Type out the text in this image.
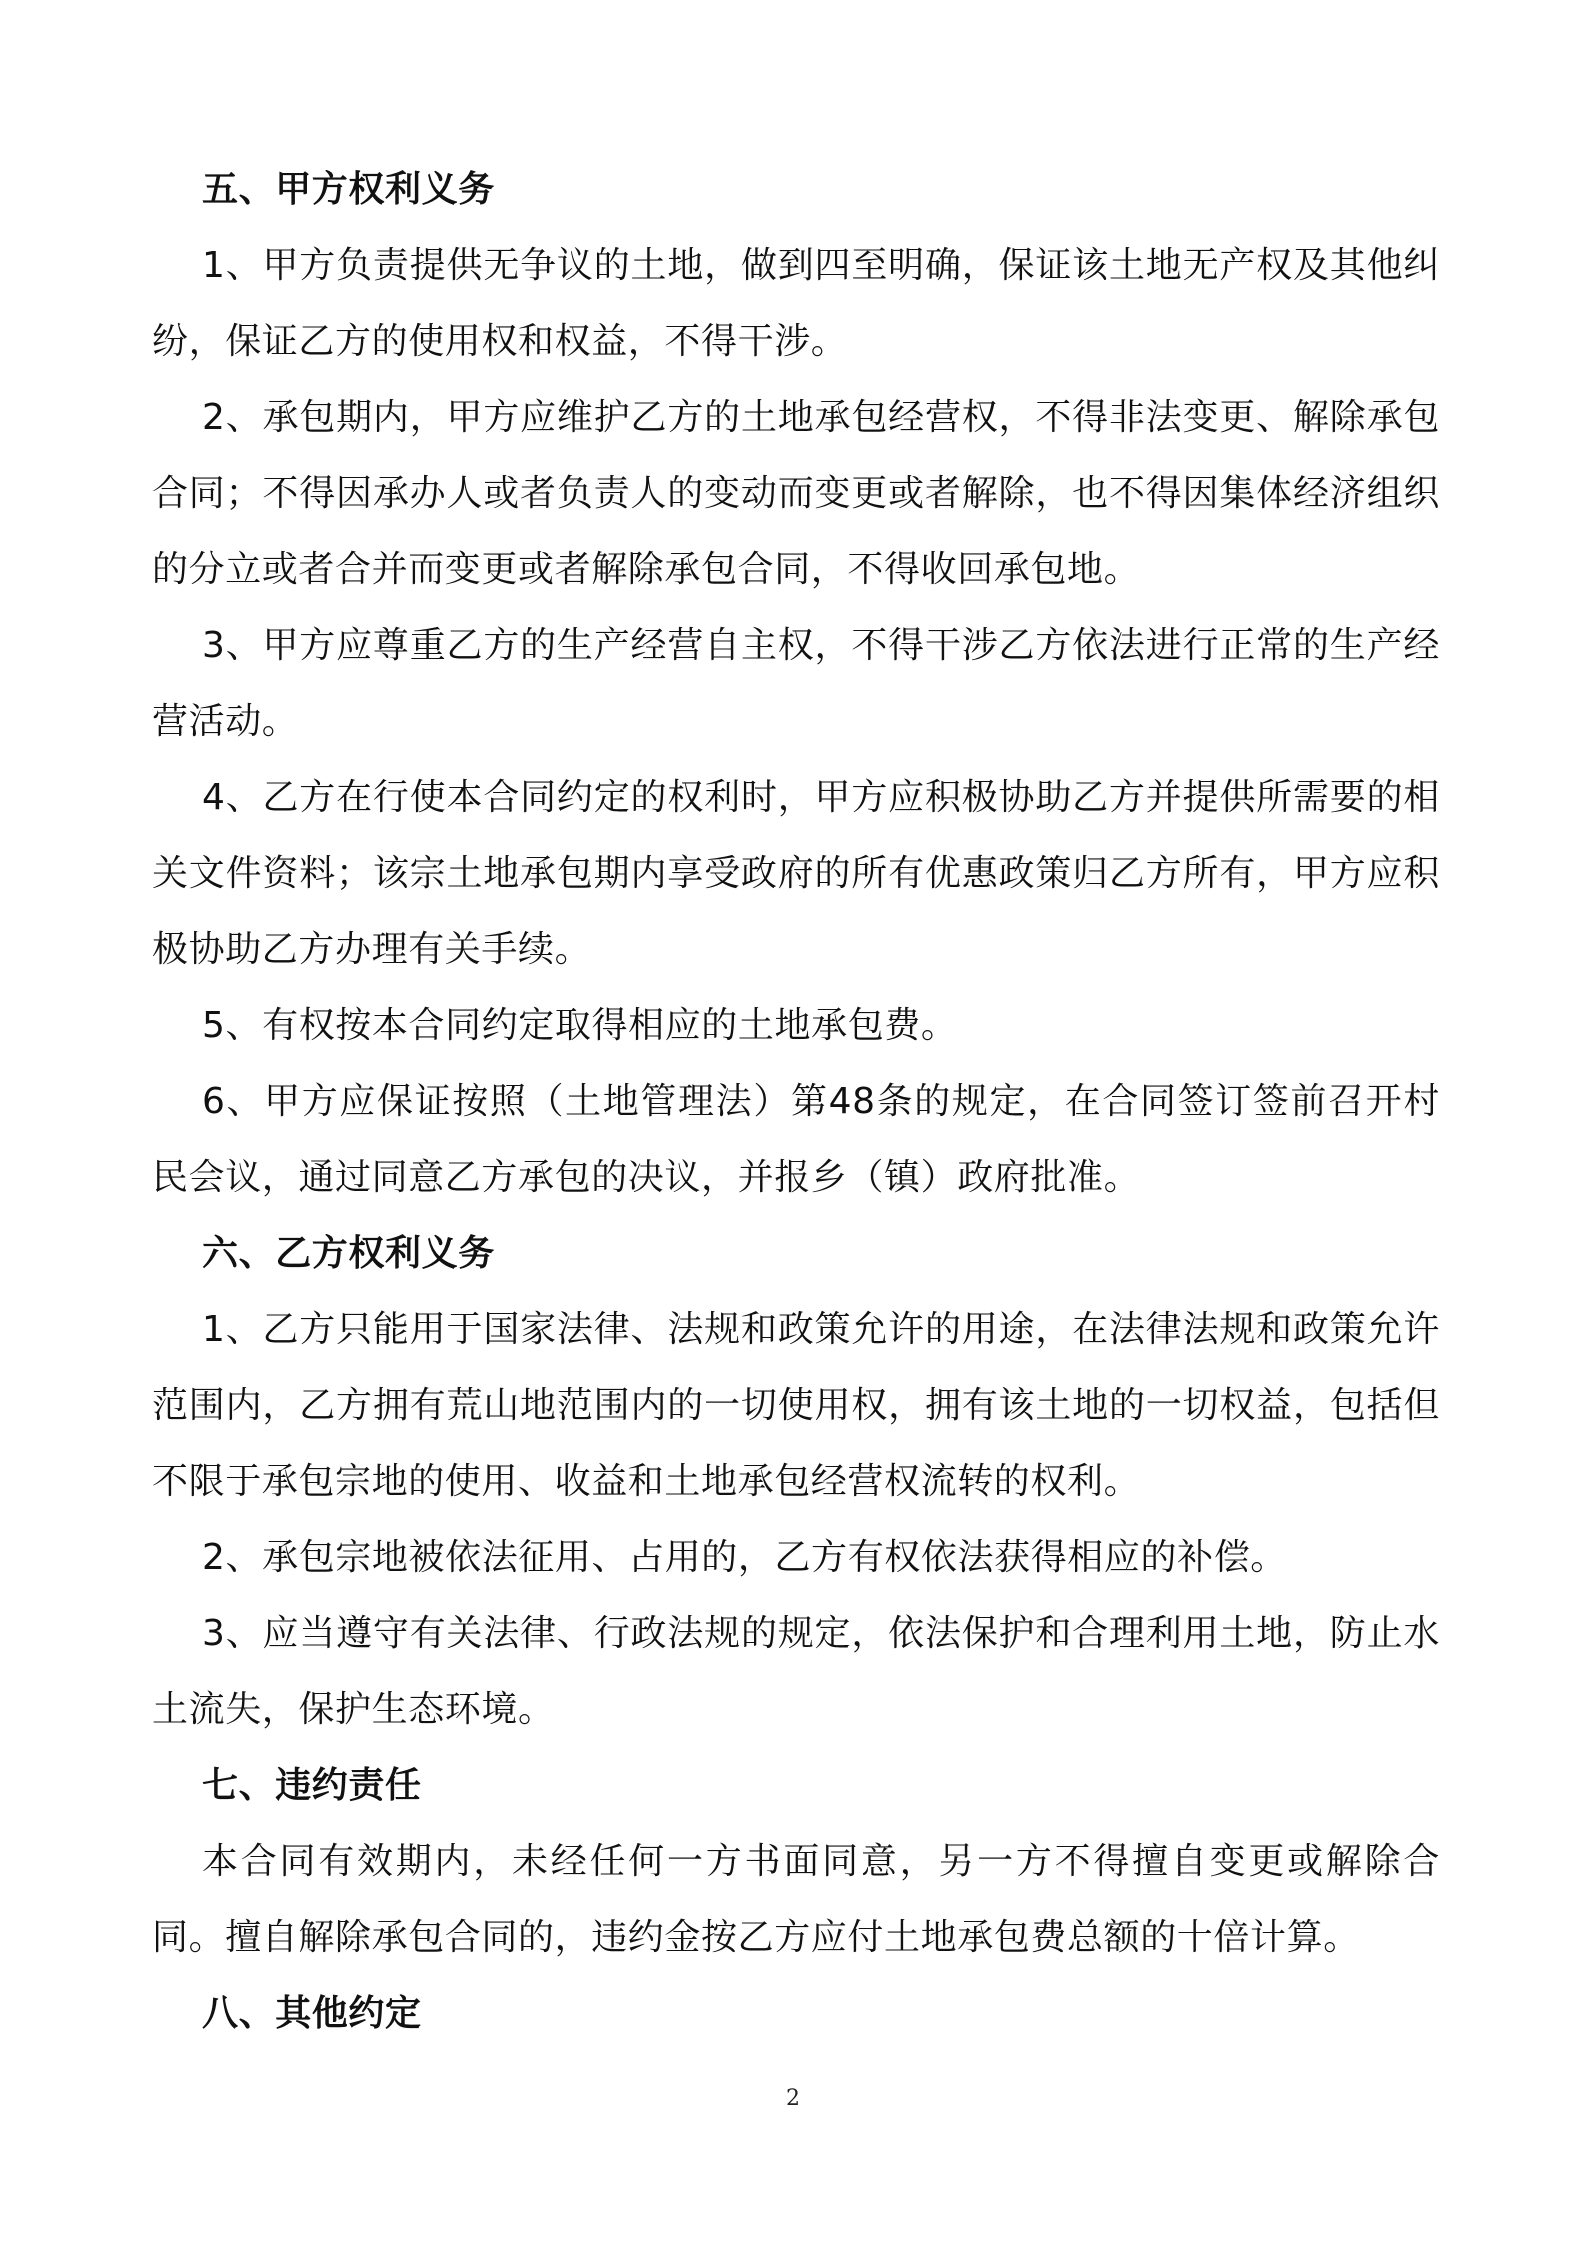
五、甲方权利义务

1、甲方负责提供无争议的土地，做到四至明确，保证该土地无产权及其他纠纷，保证乙方的使用权和权益，不得干涉。

2、承包期内，甲方应维护乙方的土地承包经营权，不得非法变更、解除承包合同；不得因承办人或者负责人的变动而变更或者解除，也不得因集体经济组织的分立或者合并而变更或者解除承包合同，不得收回承包地。

3、甲方应尊重乙方的生产经营自主权，不得干涉乙方依法进行正常的生产经营活动。

4、乙方在行使本合同约定的权利时，甲方应积极协助乙方并提供所需要的相关文件资料；该宗土地承包期内享受政府的所有优惠政策归乙方所有，甲方应积极协助乙方办理有关手续。

5、有权按本合同约定取得相应的土地承包费。

6、甲方应保证按照（土地管理法）第48条的规定，在合同签订签前召开村民会议，通过同意乙方承包的决议，并报乡（镇）政府批准。

六、乙方权利义务

1、乙方只能用于国家法律、法规和政策允许的用途，在法律法规和政策允许范围内，乙方拥有荒山地范围内的一切使用权，拥有该土地的一切权益，包括但不限于承包宗地的使用、收益和土地承包经营权流转的权利。

2、承包宗地被依法征用、占用的，乙方有权依法获得相应的补偿。

3、应当遵守有关法律、行政法规的规定，依法保护和合理利用土地，防止水土流失，保护生态环境。

七、违约责任

本合同有效期内，未经任何一方书面同意，另一方不得擅自变更或解除合同。擅自解除承包合同的，违约金按乙方应付土地承包费总额的十倍计算。

八、其他约定

2
